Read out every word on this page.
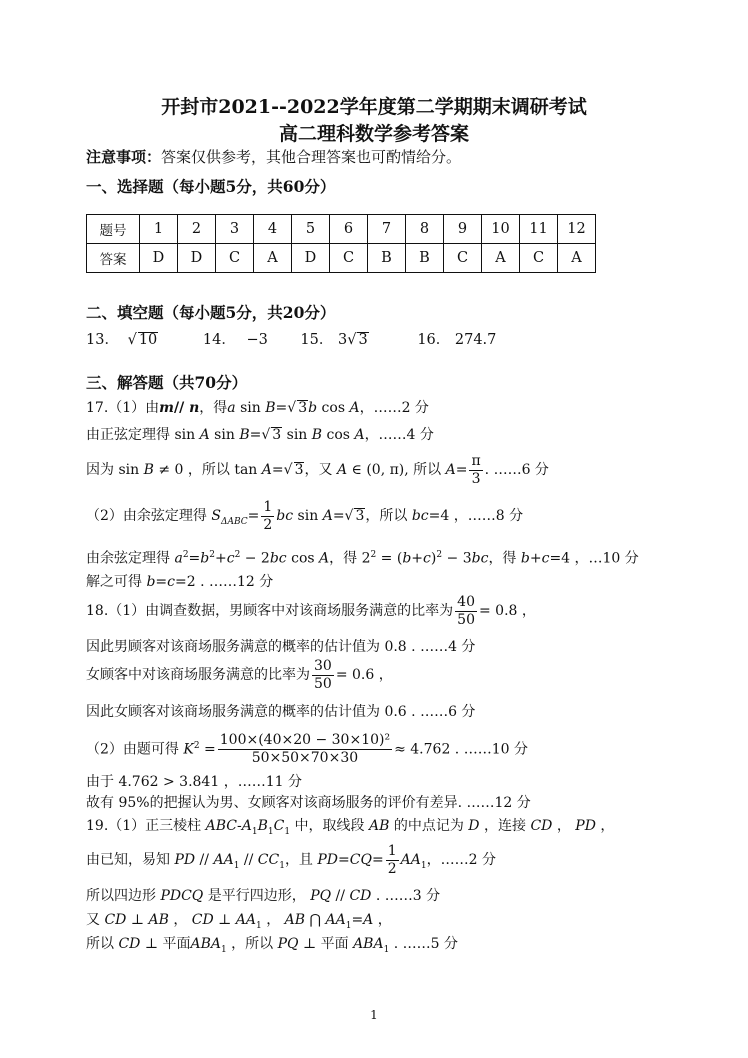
开封市2021--2022学年度第二学期期末调研考试
高二理科数学参考答案
注意事项：答案仅供参考，其他合理答案也可酌情给分。
一、选择题（每小题5分，共60分）
题号	1	2	3	4	5	6	7	8	9	10	11	12
答案	D	D	C	A	D	C	B	B	C	A	C	A
二、填空题（每小题5分，共20分）
13． √ 10	14． −3 15． 3√ 3	16． 274.7
三、解答题（共70分）
17.（1）由m// n，得a sin B=√ 3b cos A，……2 分
由正弦定理得 sin A sin B=√ 3 sin B cos A，……4 分
因为 sin B ≠ 0 ，所以 tan A=√ 3，又 A ∈ (0, π), 所以 $A= \frac{\pi}{3}$ . ……6 分
（2）由余弦定理得 $S_{\Delta ABC}= \frac{1}{2}$ bc sin A=√ 3，所以 bc=4 ，……8 分
由余弦定理得 $a^2=b^2+c^2 - 2bc$ cos A，得 $2^2 = (b+c)^2 - 3bc$，得 b+c=4 ，…10 分
解之可得 b=c=2 . ……12 分
18.（1）由调查数据，男顾客中对该商场服务满意的比率为 $\frac{40}{50} = 0.8$ ，
因此男顾客对该商场服务满意的概率的估计值为 0.8 . ……4 分
女顾客中对该商场服务满意的比率为 $\frac{30}{50} = 0.6$ ，
因此女顾客对该商场服务满意的概率的估计值为 0.6 . ……6 分
（2）由题可得 $K^2 = \frac{\text{100×(40×20 − 30×10)²}}{50\times 50\times 70\times 30} \approx 4.762$ . ……10 分
由于 4.762 > 3.841 ，……11 分
故有 95%的把握认为男、女顾客对该商场服务的评价有差异. ……12 分
19.（1）正三棱柱 ABC-$A_1B_1C_1$ 中，取线段 AB 的中点记为 D ，连接 CD ， PD ，
由已知，易知 PD // $AA_1 // CC_1$，且 $PD=CQ= \frac{1}{2} AA_1$，……2 分
所以四边形 PDCQ 是平行四边形， PQ // CD . ……3 分
又 CD ⊥ AB ， CD ⊥ $AA_1$ ， AB ⋂ $AA_1=A$ ，
所以 CD ⊥ 平面$ABA_1$ ，所以 PQ ⊥ 平面 $ABA_1$ . ……5 分
1
